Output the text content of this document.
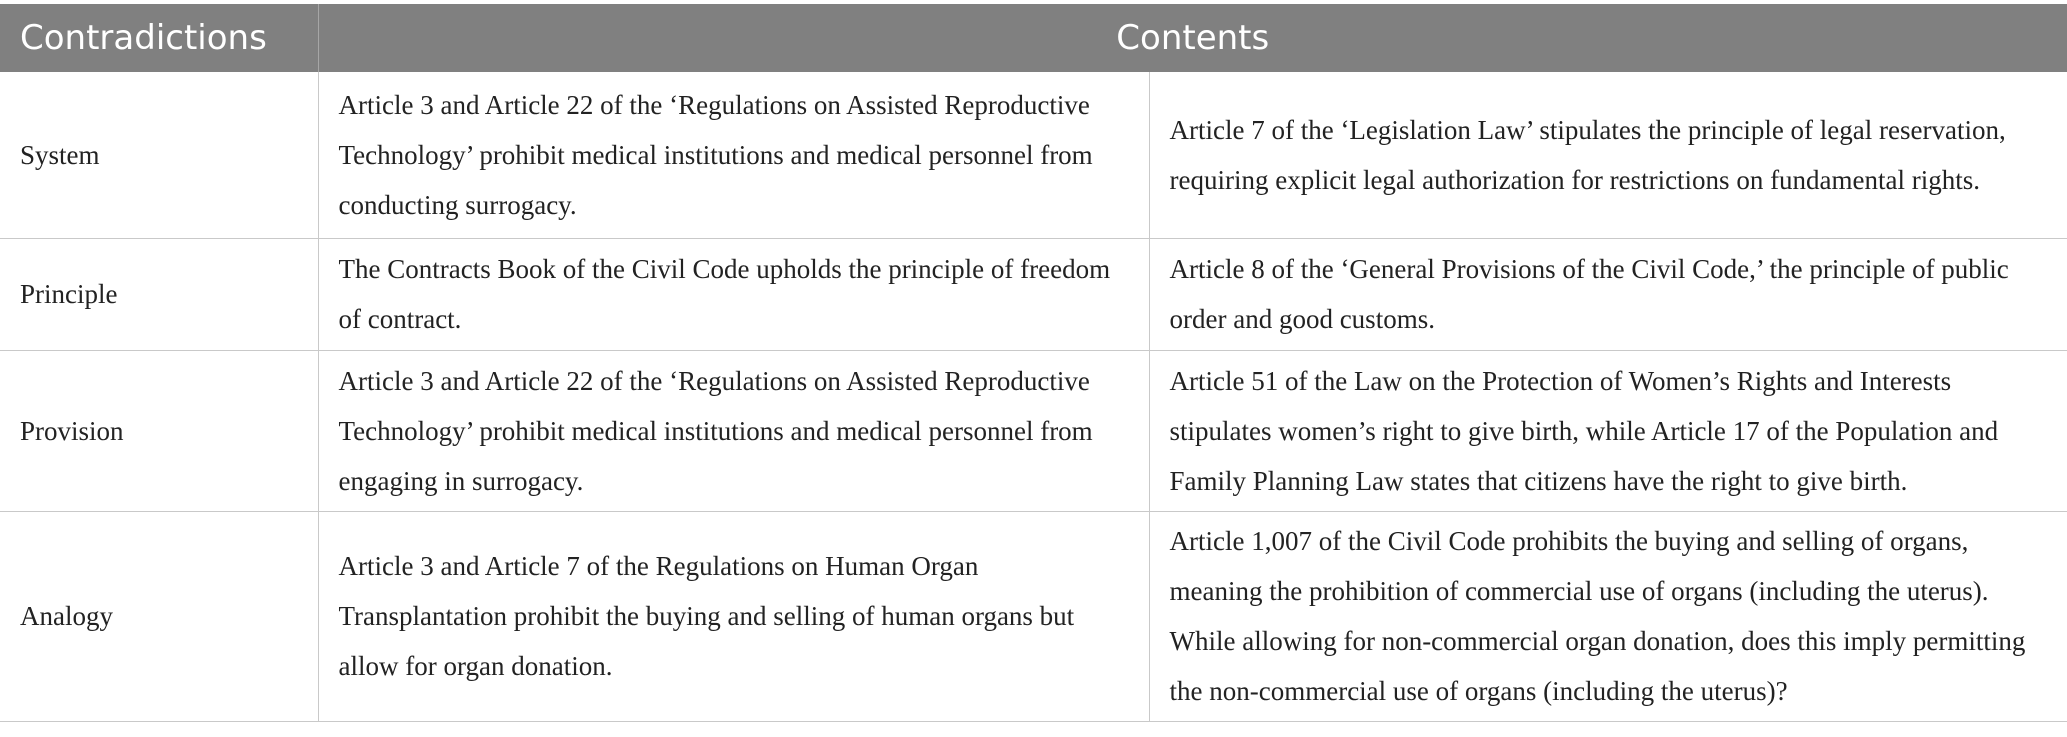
Contradictions	Contents	
System	Article 3 and Article 22 of the ‘Regulations on Assisted Reproductive Technology’ prohibit medical institutions and medical personnel from conducting surrogacy.	Article 7 of the ‘Legislation Law’ stipulates the principle of legal reservation, requiring explicit legal authorization for restrictions on fundamental rights.
Principle	The Contracts Book of the Civil Code upholds the principle of freedom of contract.	Article 8 of the ‘General Provisions of the Civil Code,’ the principle of public order and good customs.
Provision	Article 3 and Article 22 of the ‘Regulations on Assisted Reproductive Technology’ prohibit medical institutions and medical personnel from engaging in surrogacy.	Article 51 of the Law on the Protection of Women’s Rights and Interests stipulates women’s right to give birth, while Article 17 of the Population and Family Planning Law states that citizens have the right to give birth.
Analogy	Article 3 and Article 7 of the Regulations on Human Organ Transplantation prohibit the buying and selling of human organs but allow for organ donation.	Article 1,007 of the Civil Code prohibits the buying and selling of organs, meaning the prohibition of commercial use of organs (including the uterus). While allowing for non-commercial organ donation, does this imply permitting the non-commercial use of organs (including the uterus)?
